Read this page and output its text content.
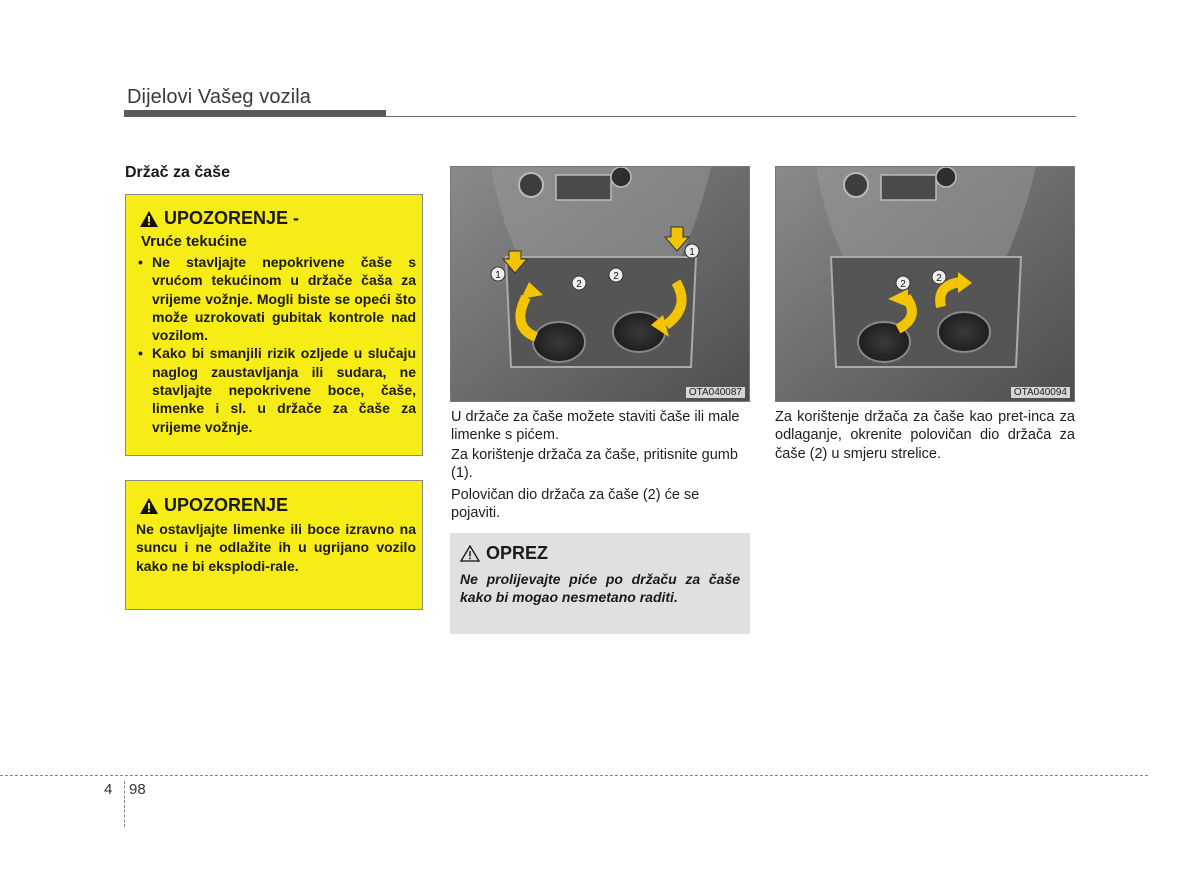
Dijelovi Vašeg vozila
Držač za čaše
UPOZORENJE -
Vruće tekućine
• Ne stavljajte nepokrivene čaše s vrućom tekućinom u držače čaša za vrijeme vožnje. Mogli biste se opeći što može uzrokovati gubitak kontrole nad vozilom.
• Kako bi smanjili rizik ozljede u slučaju naglog zaustavljanja ili sudara, ne stavljajte nepokrivene boce, čaše, limenke i sl. u držače za čaše za vrijeme vožnje.
UPOZORENJE
Ne ostavljajte limenke ili boce izravno na suncu i ne odlažite ih u ugrijano vozilo kako ne bi eksplodi-rale.
1
2
2
1
OTA040087
2
2
OTA040094
U držače za čaše možete staviti čaše ili male limenke s pićem.
Za korištenje držača za čaše, pritisnite gumb (1).
Polovičan dio držača za čaše (2) će se pojaviti.
Za korištenje držača za čaše kao pret-inca za odlaganje, okrenite polovičan dio držača za čaše (2) u smjeru strelice.
OPREZ
Ne prolijevajte piće po držaču za čaše kako bi mogao nesmetano raditi.
4 98
